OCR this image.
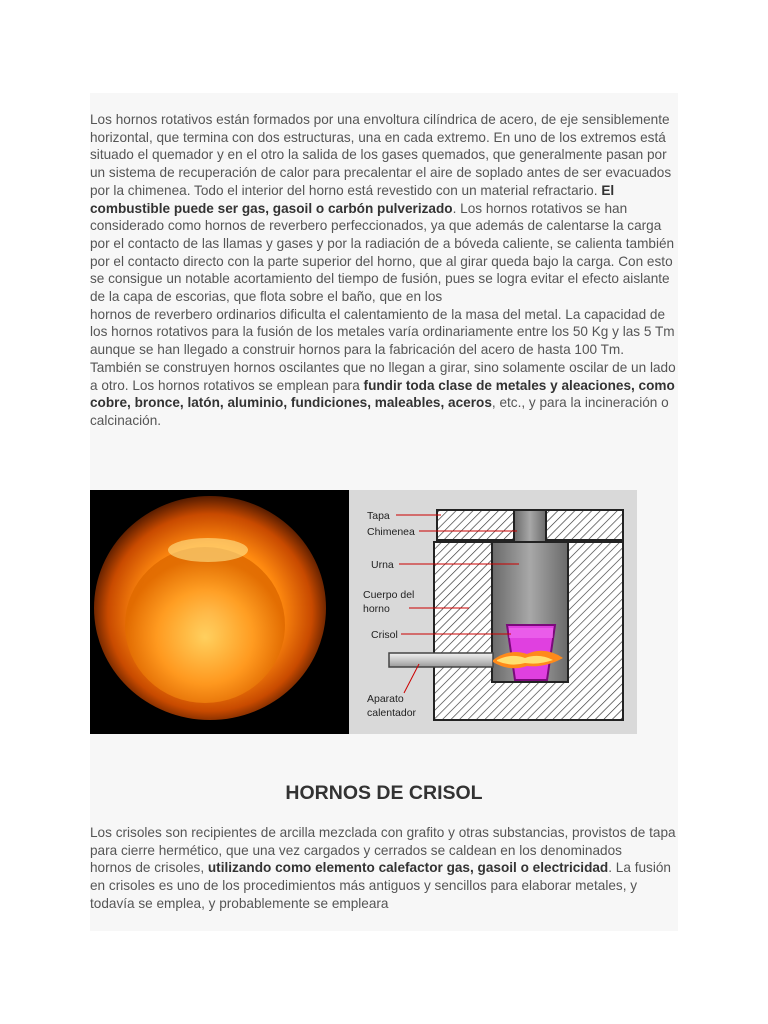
Los hornos rotativos están formados por una envoltura cilíndrica de acero, de eje sensiblemente horizontal, que termina con dos estructuras, una en cada extremo. En uno de los extremos está situado el quemador y en el otro la salida de los gases quemados, que generalmente pasan por un sistema de recuperación de calor para precalentar el aire de soplado antes de ser evacuados por la chimenea. Todo el interior del horno está revestido con un material refractario. El combustible puede ser gas, gasoil o carbón pulverizado. Los hornos rotativos se han considerado como hornos de reverbero perfeccionados, ya que además de calentarse la carga por el contacto de las llamas y gases y por la radiación de a bóveda caliente, se calienta también por el contacto directo con la parte superior del horno, que al girar queda bajo la carga. Con esto se consigue un notable acortamiento del tiempo de fusión, pues se logra evitar el efecto aislante de la capa de escorias, que flota sobre el baño, que en los
hornos de reverbero ordinarios dificulta el calentamiento de la masa del metal. La capacidad de los hornos rotativos para la fusión de los metales varía ordinariamente entre los 50 Kg y las 5 Tm aunque se han llegado a construir hornos para la fabricación del acero de hasta 100 Tm. También se construyen hornos oscilantes que no llegan a girar, sino solamente oscilar de un lado a otro. Los hornos rotativos se emplean para fundir toda clase de metales y aleaciones, como cobre, bronce, latón, aluminio, fundiciones, maleables, aceros, etc., y para la incineración o calcinación.

Tapa
Chimenea
Urna
Cuerpo del
horno
Crisol
Aparato
calentador
HORNOS DE CRISOL

Los crisoles son recipientes de arcilla mezclada con grafito y otras substancias, provistos de tapa para cierre hermético, que una vez cargados y cerrados se caldean en los denominados
hornos de crisoles, utilizando como elemento calefactor gas, gasoil o electricidad. La fusión en crisoles es uno de los procedimientos más antiguos y sencillos para elaborar metales, y todavía se emplea, y probablemente se empleara
